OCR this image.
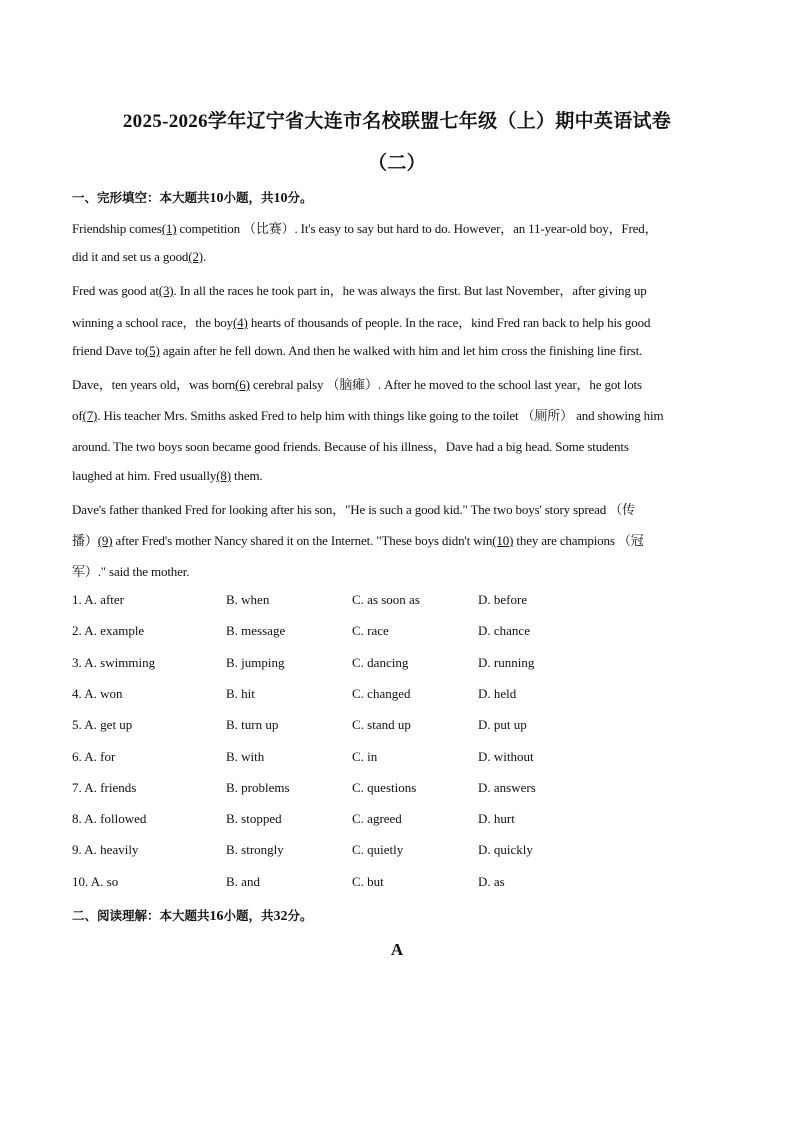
2025-2026学年辽宁省大连市名校联盟七年级（上）期中英语试卷
（二）
一、完形填空：本大题共10小题，共10分。
Friendship comes(1) competition （比赛）. It's easy to say but hard to do. However，an 11-year-old boy，Fred，
did it and set us a good(2).
Fred was good at(3). In all the races he took part in，he was always the first. But last November，after giving up
winning a school race，the boy(4) hearts of thousands of people. In the race，kind Fred ran back to help his good
friend Dave to(5) again after he fell down. And then he walked with him and let him cross the finishing line first.
Dave，ten years old，was born(6) cerebral palsy （脑瘫）. After he moved to the school last year，he got lots
of(7). His teacher Mrs. Smiths asked Fred to help him with things like going to the toilet （厕所） and showing him
around. The two boys soon became good friends. Because of his illness，Dave had a big head. Some students
laughed at him. Fred usually(8) them.
Dave's father thanked Fred for looking after his son，"He is such a good kid." The two boys' story spread （传
播）(9) after Fred's mother Nancy shared it on the Internet. "These boys didn't win(10) they are champions （冠
军）." said the mother.
1. A. after	B. when	C. as soon as	D. before
2. A. example	B. message	C. race	D. chance
3. A. swimming	B. jumping	C. dancing	D. running
4. A. won	B. hit	C. changed	D. held
5. A. get up	B. turn up	C. stand up	D. put up
6. A. for	B. with	C. in	D. without
7. A. friends	B. problems	C. questions	D. answers
8. A. followed	B. stopped	C. agreed	D. hurt
9. A. heavily	B. strongly	C. quietly	D. quickly
10. A. so	B. and	C. but	D. as
二、阅读理解：本大题共16小题，共32分。
A
